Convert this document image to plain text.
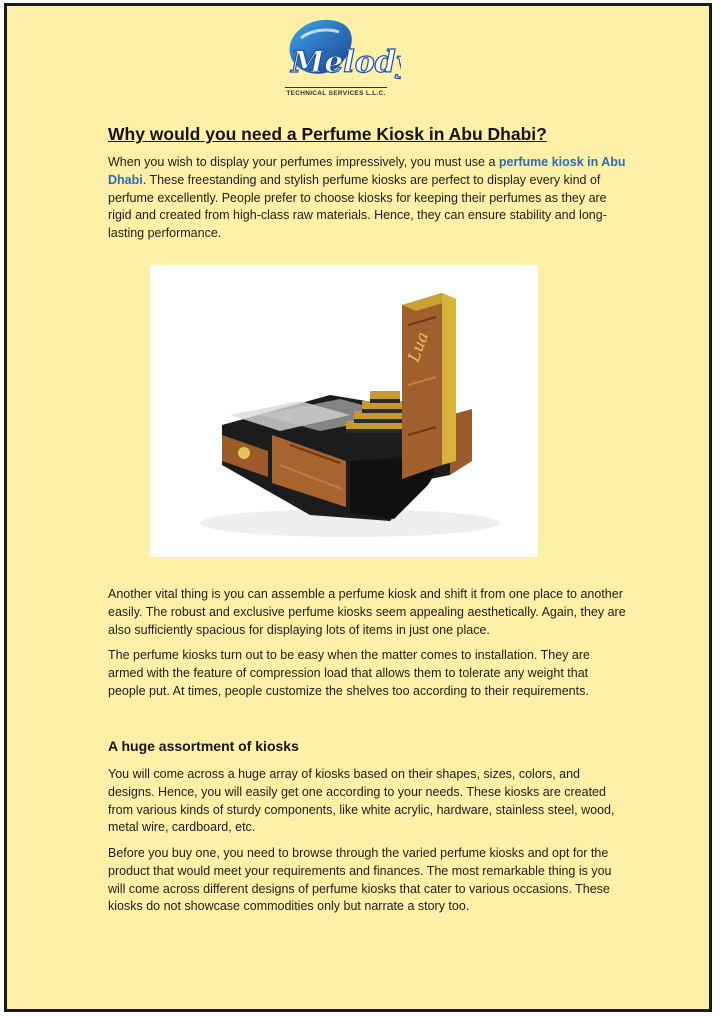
Melody
TECHNICAL SERVICES L.L.C.
Why would you need a Perfume Kiosk in Abu Dhabi?

When you wish to display your perfumes impressively, you must use a perfume kiosk in Abu Dhabi. These freestanding and stylish perfume kiosks are perfect to display every kind of perfume excellently. People prefer to choose kiosks for keeping their perfumes as they are rigid and created from high-class raw materials. Hence, they can ensure stability and long-lasting performance.

Lua

Another vital thing is you can assemble a perfume kiosk and shift it from one place to another easily. The robust and exclusive perfume kiosks seem appealing aesthetically. Again, they are also sufficiently spacious for displaying lots of items in just one place.

The perfume kiosks turn out to be easy when the matter comes to installation. They are armed with the feature of compression load that allows them to tolerate any weight that people put. At times, people customize the shelves too according to their requirements.

A huge assortment of kiosks

You will come across a huge array of kiosks based on their shapes, sizes, colors, and designs. Hence, you will easily get one according to your needs. These kiosks are created from various kinds of sturdy components, like white acrylic, hardware, stainless steel, wood, metal wire, cardboard, etc.

Before you buy one, you need to browse through the varied perfume kiosks and opt for the product that would meet your requirements and finances. The most remarkable thing is you will come across different designs of perfume kiosks that cater to various occasions. These kiosks do not showcase commodities only but narrate a story too.
